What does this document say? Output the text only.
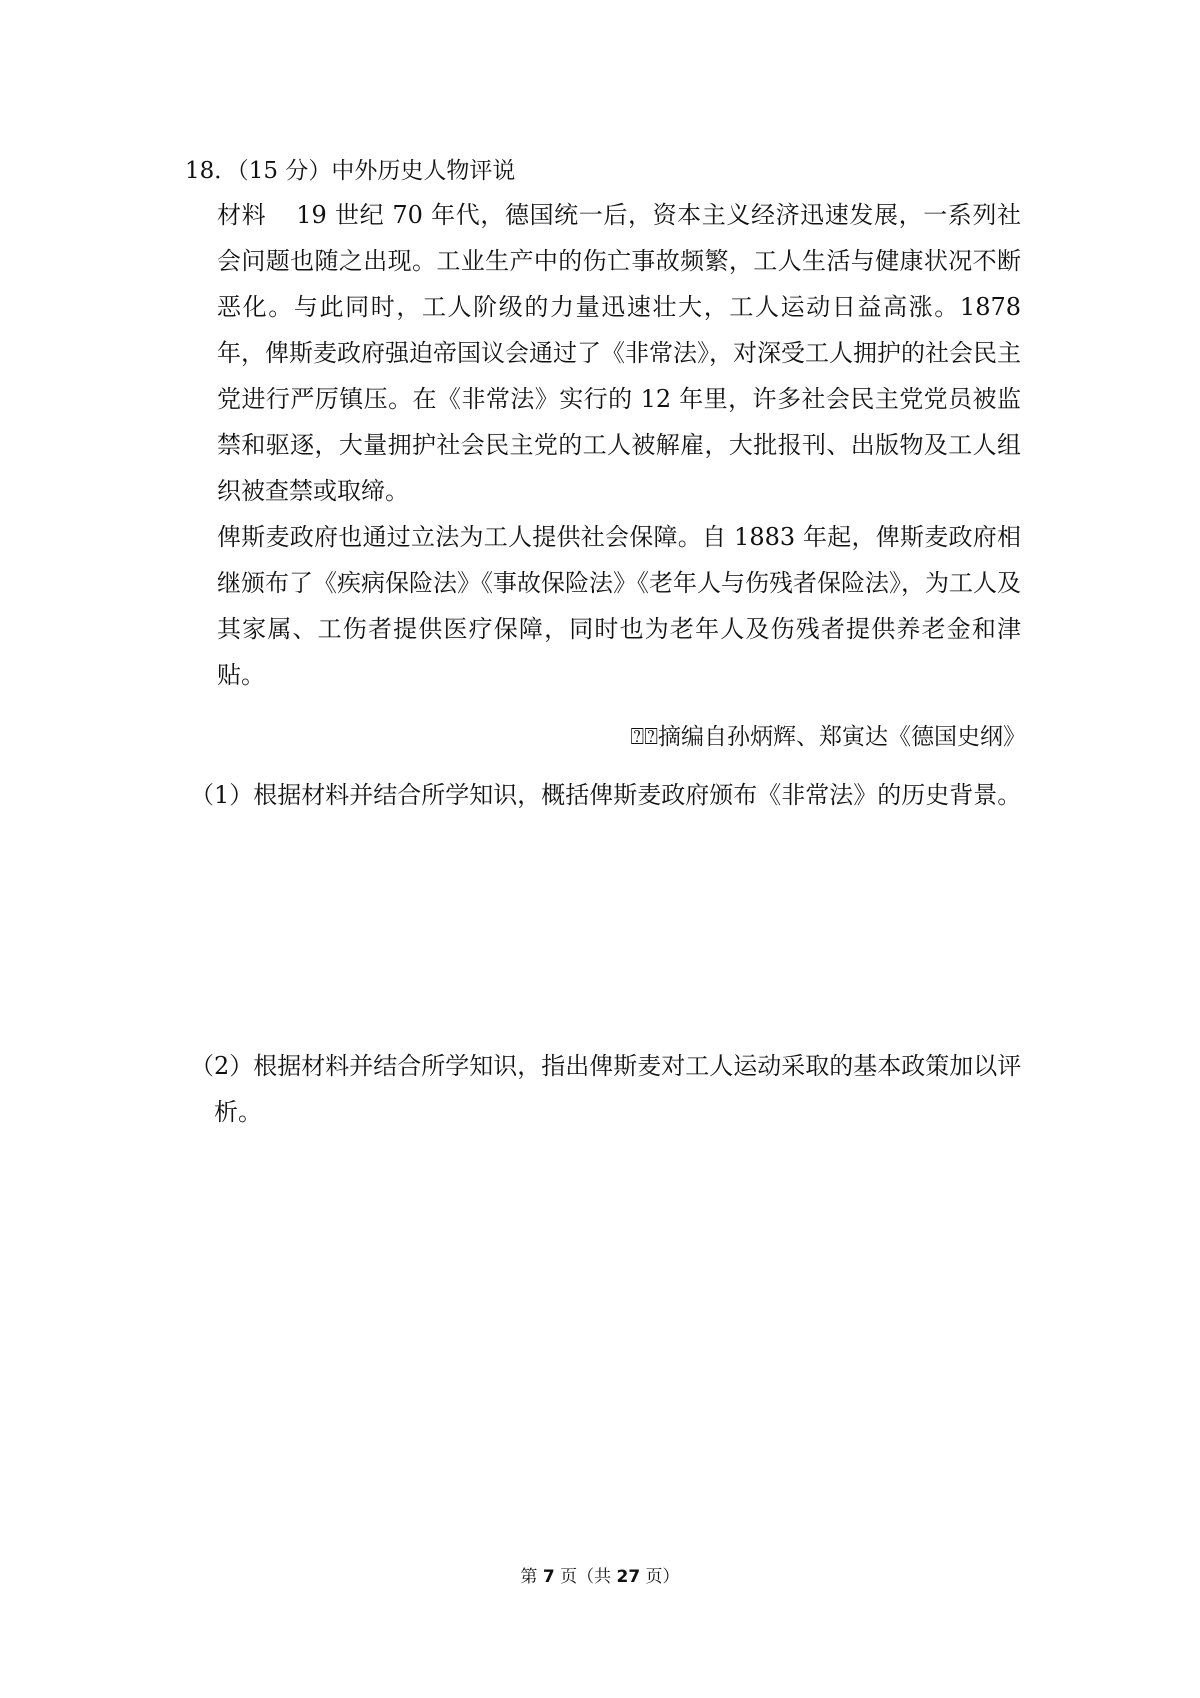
18．（15 分）中外历史人物评说

材料 19 世纪 70 年代，德国统一后，资本主义经济迅速发展，一系列社会问题也随之出现。工业生产中的伤亡事故频繁，工人生活与健康状况不断恶化。与此同时，工人阶级的力量迅速壮大，工人运动日益高涨。1878 年，俾斯麦政府强迫帝国议会通过了《非常法》，对深受工人拥护的社会民主党进行严厉镇压。在《非常法》实行的 12 年里，许多社会民主党党员被监禁和驱逐，大量拥护社会民主党的工人被解雇，大批报刊、出版物及工人组织被查禁或取缔。

俾斯麦政府也通过立法为工人提供社会保障。自 1883 年起，俾斯麦政府相继颁布了《疾病保险法》《事故保险法》《老年人与伤残者保险法》，为工人及其家属、工伤者提供医疗保障，同时也为老年人及伤残者提供养老金和津贴。

⍰⍰摘编自孙炳辉、郑寅达《德国史纲》
（1）根据材料并结合所学知识，概括俾斯麦政府颁布《非常法》的历史背景。
（2）根据材料并结合所学知识，指出俾斯麦对工人运动采取的基本政策加以评
析。
第 7 页（共 27 页）
